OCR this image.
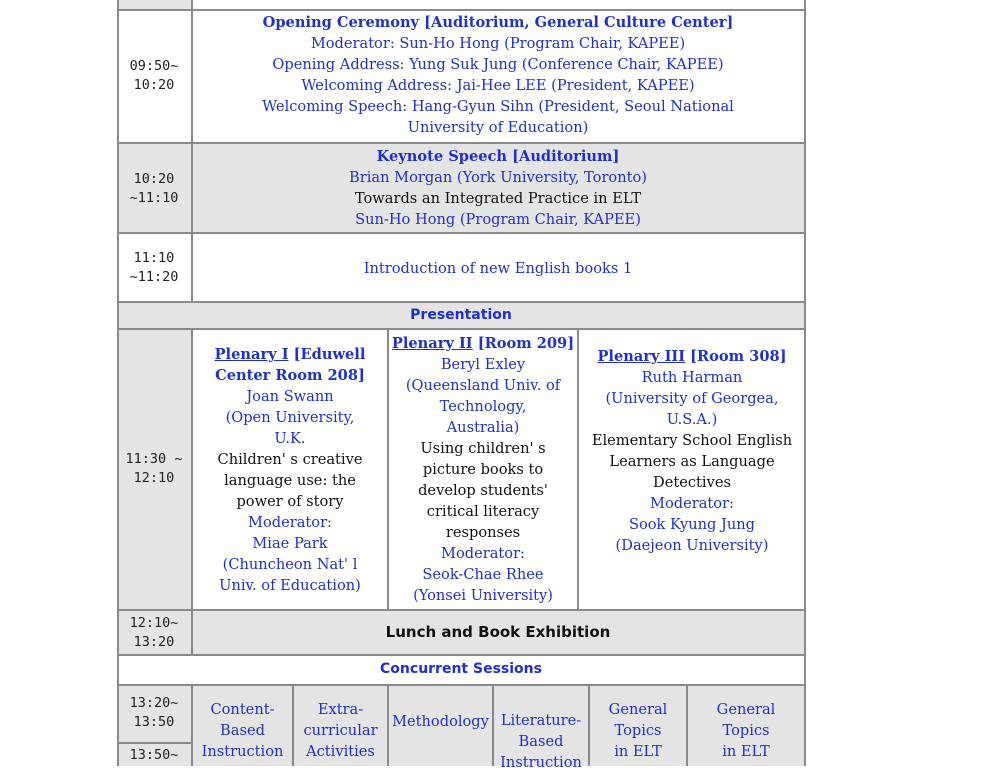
09:50~
10:20
Opening Ceremony [Auditorium, General Culture Center]
Moderator: Sun-Ho Hong (Program Chair, KAPEE)
Opening Address: Yung Suk Jung (Conference Chair, KAPEE)
Welcoming Address: Jai-Hee LEE (President, KAPEE)
Welcoming Speech: Hang-Gyun Sihn (President, Seoul National
University of Education)
10:20
~11:10
Keynote Speech [Auditorium]
Brian Morgan (York University, Toronto)
Towards an Integrated Practice in ELT
Sun-Ho Hong (Program Chair, KAPEE)
11:10
~11:20	Introduction of new English books 1
Presentation
11:30 ~
12:10
Plenary I [Eduwell
Center Room 208]
Joan Swann
(Open University,
U.K.
Children' s creative
language use: the
power of story
Moderator:
Miae Park
(Chuncheon Nat' l
Univ. of Education)
Plenary II [Room 209]
Beryl Exley
(Queensland Univ. of
Technology,
Australia)
Using children' s
picture books to
develop students'
critical literacy
responses
Moderator:
Seok-Chae Rhee
(Yonsei University)
Plenary III [Room 308]
Ruth Harman
(University of Georgea,
U.S.A.)
Elementary School English
Learners as Language
Detectives
Moderator:
Sook Kyung Jung
(Daejeon University)
12:10~
13:20
Lunch and Book Exhibition
Concurrent Sessions
13:20~
13:50
13:50~
Content-
Based
Instruction
Extra-
curricular
Activities
Methodology Literature-
Based
Instruction
General
Topics
in ELT
General
Topics
in ELT
